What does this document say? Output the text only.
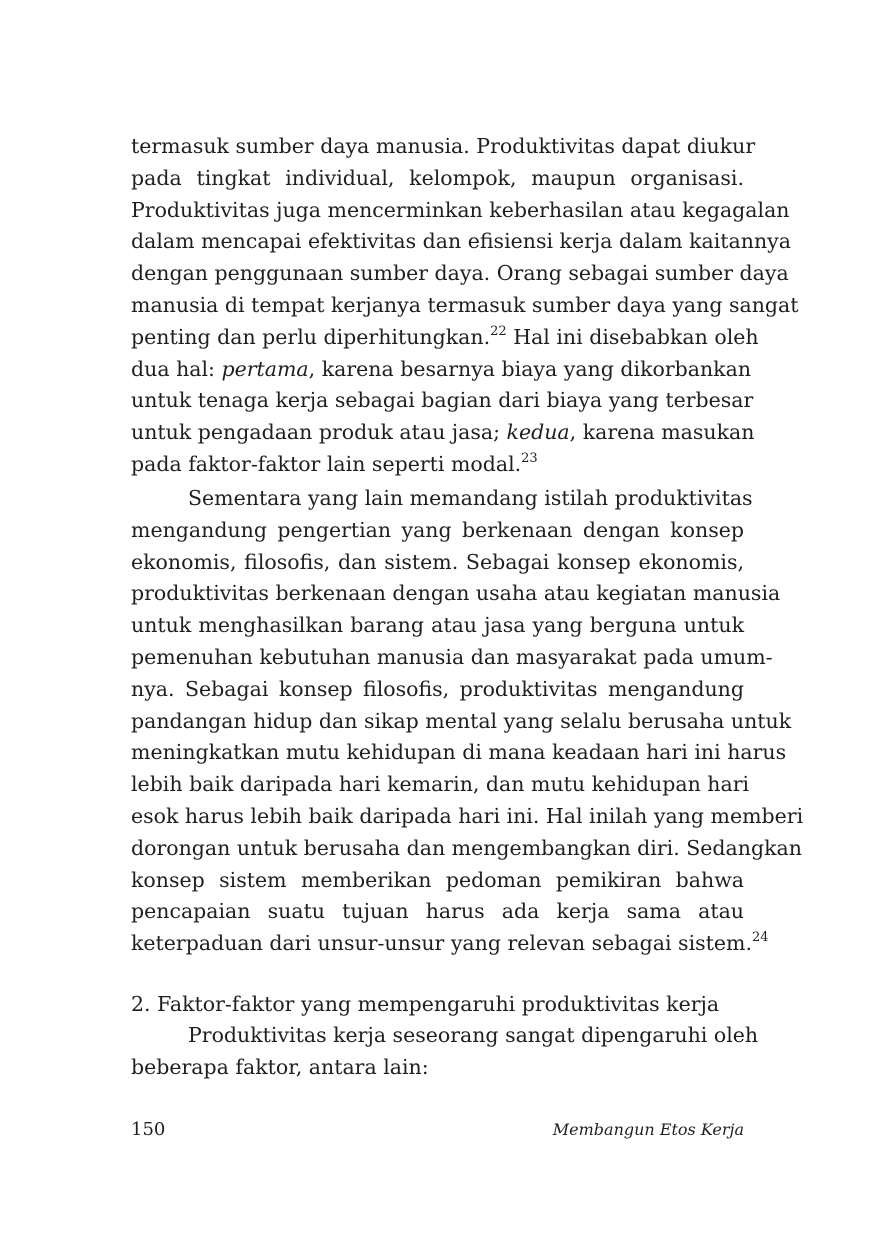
termasuk sumber daya manusia. Produktivitas dapat diukur
pada tingkat individual, kelompok, maupun organisasi.
Produktivitas juga mencerminkan keberhasilan atau kegagalan
dalam mencapai efektivitas dan efisiensi kerja dalam kaitannya
dengan penggunaan sumber daya. Orang sebagai sumber daya
manusia di tempat kerjanya termasuk sumber daya yang sangat
penting dan perlu diperhitungkan.$^{22}$ Hal ini disebabkan oleh
dua hal: pertama, karena besarnya biaya yang dikorbankan
untuk tenaga kerja sebagai bagian dari biaya yang terbesar
untuk pengadaan produk atau jasa; kedua, karena masukan
pada faktor-faktor lain seperti modal.$^{23}$
Sementara yang lain memandang istilah produktivitas
mengandung pengertian yang berkenaan dengan konsep
ekonomis, filosofis, dan sistem. Sebagai konsep ekonomis,
produktivitas berkenaan dengan usaha atau kegiatan manusia
untuk menghasilkan barang atau jasa yang berguna untuk
pemenuhan kebutuhan manusia dan masyarakat pada umum-
nya. Sebagai konsep filosofis, produktivitas mengandung
pandangan hidup dan sikap mental yang selalu berusaha untuk
meningkatkan mutu kehidupan di mana keadaan hari ini harus
lebih baik daripada hari kemarin, dan mutu kehidupan hari
esok harus lebih baik daripada hari ini. Hal inilah yang memberi
dorongan untuk berusaha dan mengembangkan diri. Sedangkan
konsep sistem memberikan pedoman pemikiran bahwa
pencapaian suatu tujuan harus ada kerja sama atau
keterpaduan dari unsur-unsur yang relevan sebagai sistem.$^{24}$
2. Faktor-faktor yang mempengaruhi produktivitas kerja
Produktivitas kerja seseorang sangat dipengaruhi oleh
beberapa faktor, antara lain:
150	Membangun Etos Kerja
